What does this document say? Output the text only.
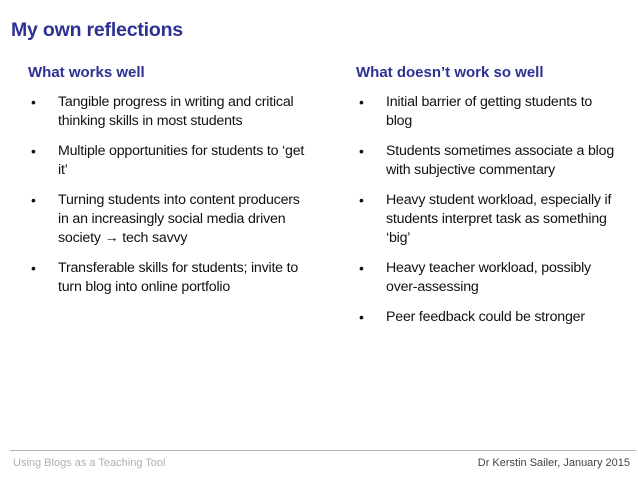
My own reflections
What works well
• Tangible progress in writing and critical thinking skills in most students
• Multiple opportunities for students to ‘get it’
• Turning students into content producers in an increasingly social media driven society → tech savvy
• Transferable skills for students; invite to turn blog into online portfolio
What doesn’t work so well
• Initial barrier of getting students to blog
• Students sometimes associate a blog with subjective commentary
• Heavy student workload, especially if students interpret task as something ‘big’
• Heavy teacher workload, possibly over-assessing
• Peer feedback could be stronger
Using Blogs as a Teaching Tool	Dr Kerstin Sailer, January 2015
